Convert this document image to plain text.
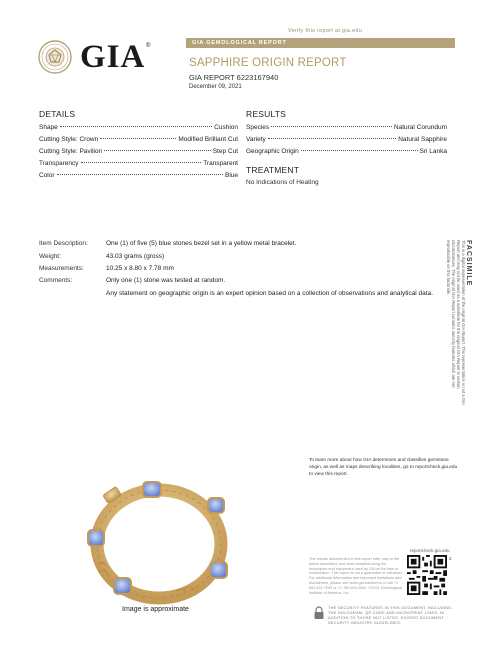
Verify this report at gia.edu
GIA ®	GIA GEMOLOGICAL REPORT
SAPPHIRE ORIGIN REPORT
GIA REPORT 6223167940
December 09, 2021
DETAILS
Shape	Cushion
Cutting Style: Crown	Modified Brilliant Cut
Cutting Style: Pavilion	Step Cut
Transparency	Transparent
Color	Blue
RESULTS
Species	Natural Corundum
Variety	Natural Sapphire
Geographic Origin	Sri Lanka
TREATMENT
No Indications of Heating
Item Description:	One (1) of five (5) blue stones bezel set in a yellow metal bracelet.
Weight:	43.03 grams (gross)
Measurements:	10.25 x 8.80 x 7.78 mm
Comments:	Only one (1) stone was tested at random.
Any statement on geographic origin is an expert opinion based on a collection of observations and analytical data.
FACSIMILE
This is a digital representation of the original GIA Report. This representation is not a GIA Report and may not be used as a substitute for the original GIA Report in certain circumstances. The original GIA Report contains security features which are not reproducible on this facsimile.
To learn more about how GIA determines and classifies gemstone origin, as well as maps describing localities, go to reportcheck.gia.edu to view this report.
Image is approximate
The results documented in this report refer only to the article described, and were obtained using the techniques and equipment used by GIA at the time of examination. This report is not a guarantee or valuation. For additional information and important limitations and disclaimers, please see www.gia.edu/terms or call +1 800 421 7250 or +1 760 603 4500. ©2021 Gemological Institute of America, Inc.
reportcheck.gia.edu
2
THE SECURITY FEATURES IN THIS DOCUMENT, INCLUDING THE HOLOGRAM, QR CODE AND MICROPRINT LINES, IN ADDITION TO THOSE NOT LISTED, EXCEED DOCUMENT SECURITY INDUSTRY GUIDELINES.
